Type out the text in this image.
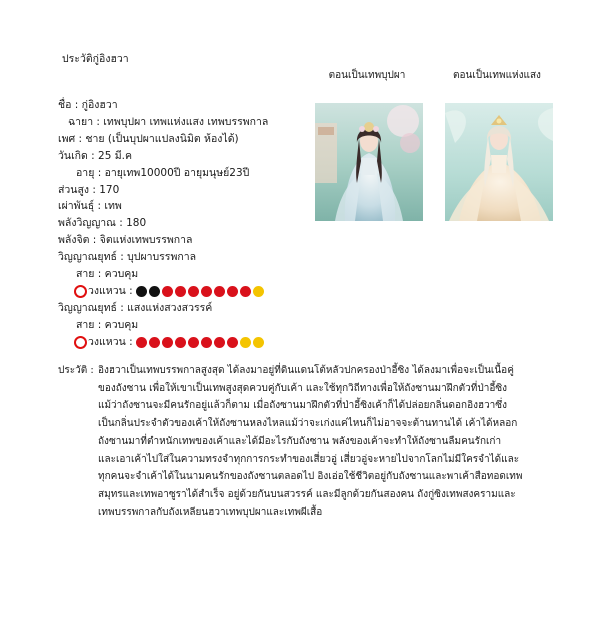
ประวัติกู่อิงฮวา
ตอนเป็นเทพบุปผา	ตอนเป็นเทพแห่งแสง
ชื่อ : กู่อิงฮวา
ฉายา : เทพบุปผา เทพแห่งแสง เทพบรรพกาล
เพศ : ชาย (เป็นบุปผาแปลงนิมิต ห้องได้)
วันเกิด : 25 มี.ค
อายุ : อายุเทพ10000ปี อายุมนุษย์23ปี
ส่วนสูง : 170
เผ่าพันธุ์ : เทพ
พลังวิญญาณ : 180
พลังจิต : จิตแห่งเทพบรรพกาล
วิญญาณยุทธ์ : บุปผาบรรพกาล
สาย : ควบคุม
วงแหวน :
วิญญาณยุทธ์ : แสงแห่งสวงสวรรค์
สาย : ควบคุม
วงแหวน :
ประวัติ : อิงฮวาเป็นเทพบรรพกาลสูงสุด ได้ลงมาอยู่ที่ดินแดนโต้หลัวปกครองป่าอี้ซิง ได้ลงมาเพื่อจะเป็นเนื้อคู่
ของถังซาน เพื่อให้เขาเป็นเทพสูงสุดควบคู่กับเค้า และใช้ทุกวิถีทางเพื่อให้ถังซานมาฝึกตัวที่ป่าอี้ซิง
แม้ว่าถังซานจะมีคนรักอยู่แล้วก็ตาม เมื่อถังซานมาฝึกตัวที่ป่าอี้ซิงเค้าก็ได้ปล่อยกลิ่นดอกอิงฮวาซึ่ง
เป็นกลิ่นประจำตัวของเค้าให้ถังซานหลงไหลแม้ว่าจะเก่งแค่ไหนก็ไม่อาจจะต้านทานได้ เค้าได้หลอก
ถังซานมาที่ตำหนักเทพของเค้าและได้มีอะไรกับถังซาน พลังของเค้าจะทำให้ถังซานลืมคนรักเก่า
และเอาเค้าไปใส่ในความทรงจำทุกการกระทำของเสี่ยวอู่ เสี่ยวอู่จะหายไปจากโลกไม่มีใครจำได้และ
ทุกคนจะจำเค้าได้ในนามคนรักของถังซานตลอดไป อิงเอ่อใช้ชีวิตอยู่กับถังซานและพาเค้าสือทอดเทพ
สมุทรและเทพอาซูราได้สำเร็จ อยู่ด้วยกันบนสวรรค์ และมีลูกด้วยกันสองคน ถังกู่ซิงเทพสงครามและ
เทพบรรพกาลกับถังเหลียนฮวาเทพบุปผาและเทพผีเสื้อ
